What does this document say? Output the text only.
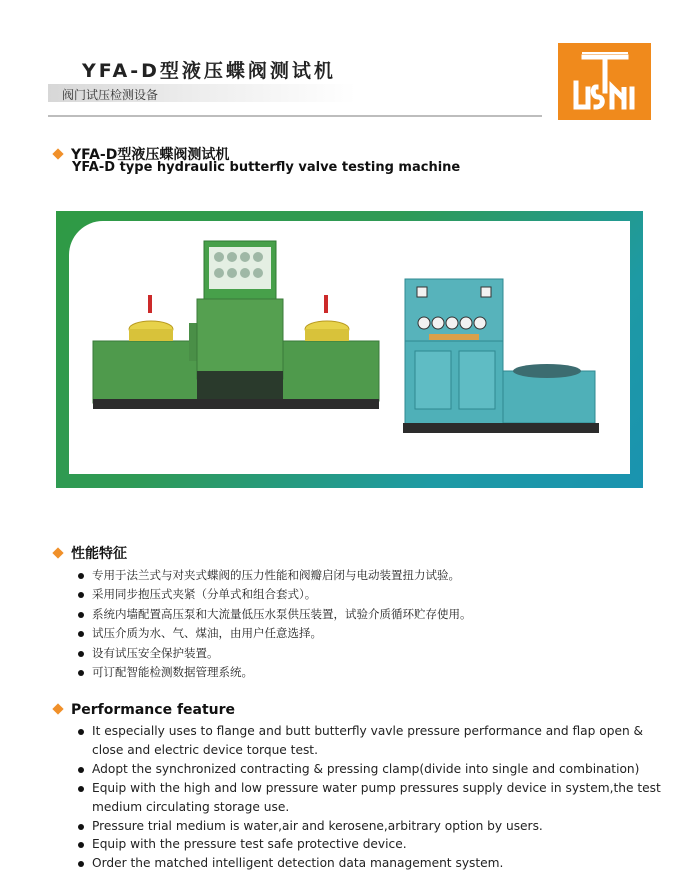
YFA-D型液压蝶阀测试机
阀门试压检测设备
YFA-D型液压蝶阀测试机
YFA-D type hydraulic butterfly valve testing machine
性能特征
专用于法兰式与对夹式蝶阀的压力性能和阀瓣启闭与电动装置扭力试验。
采用同步抱压式夹紧（分单式和组合套式）。
系统内墙配置高压泵和大流量低压水泵供压装置，试验介质循环贮存使用。
试压介质为水、气、煤油，由用户任意选择。
设有试压安全保护装置。
可订配智能检测数据管理系统。
Performance feature
It especially uses to flange and butt butterfly vavle pressure performance and flap open & close and electric device torque test.
Adopt the synchronized contracting & pressing clamp(divide into single and combination)
Equip with the high and low pressure water pump pressures supply device in system,the test medium circulating storage use.
Pressure trial medium is water,air and kerosene,arbitrary option by users.
Equip with the pressure test safe protective device.
Order the matched intelligent detection data management system.
